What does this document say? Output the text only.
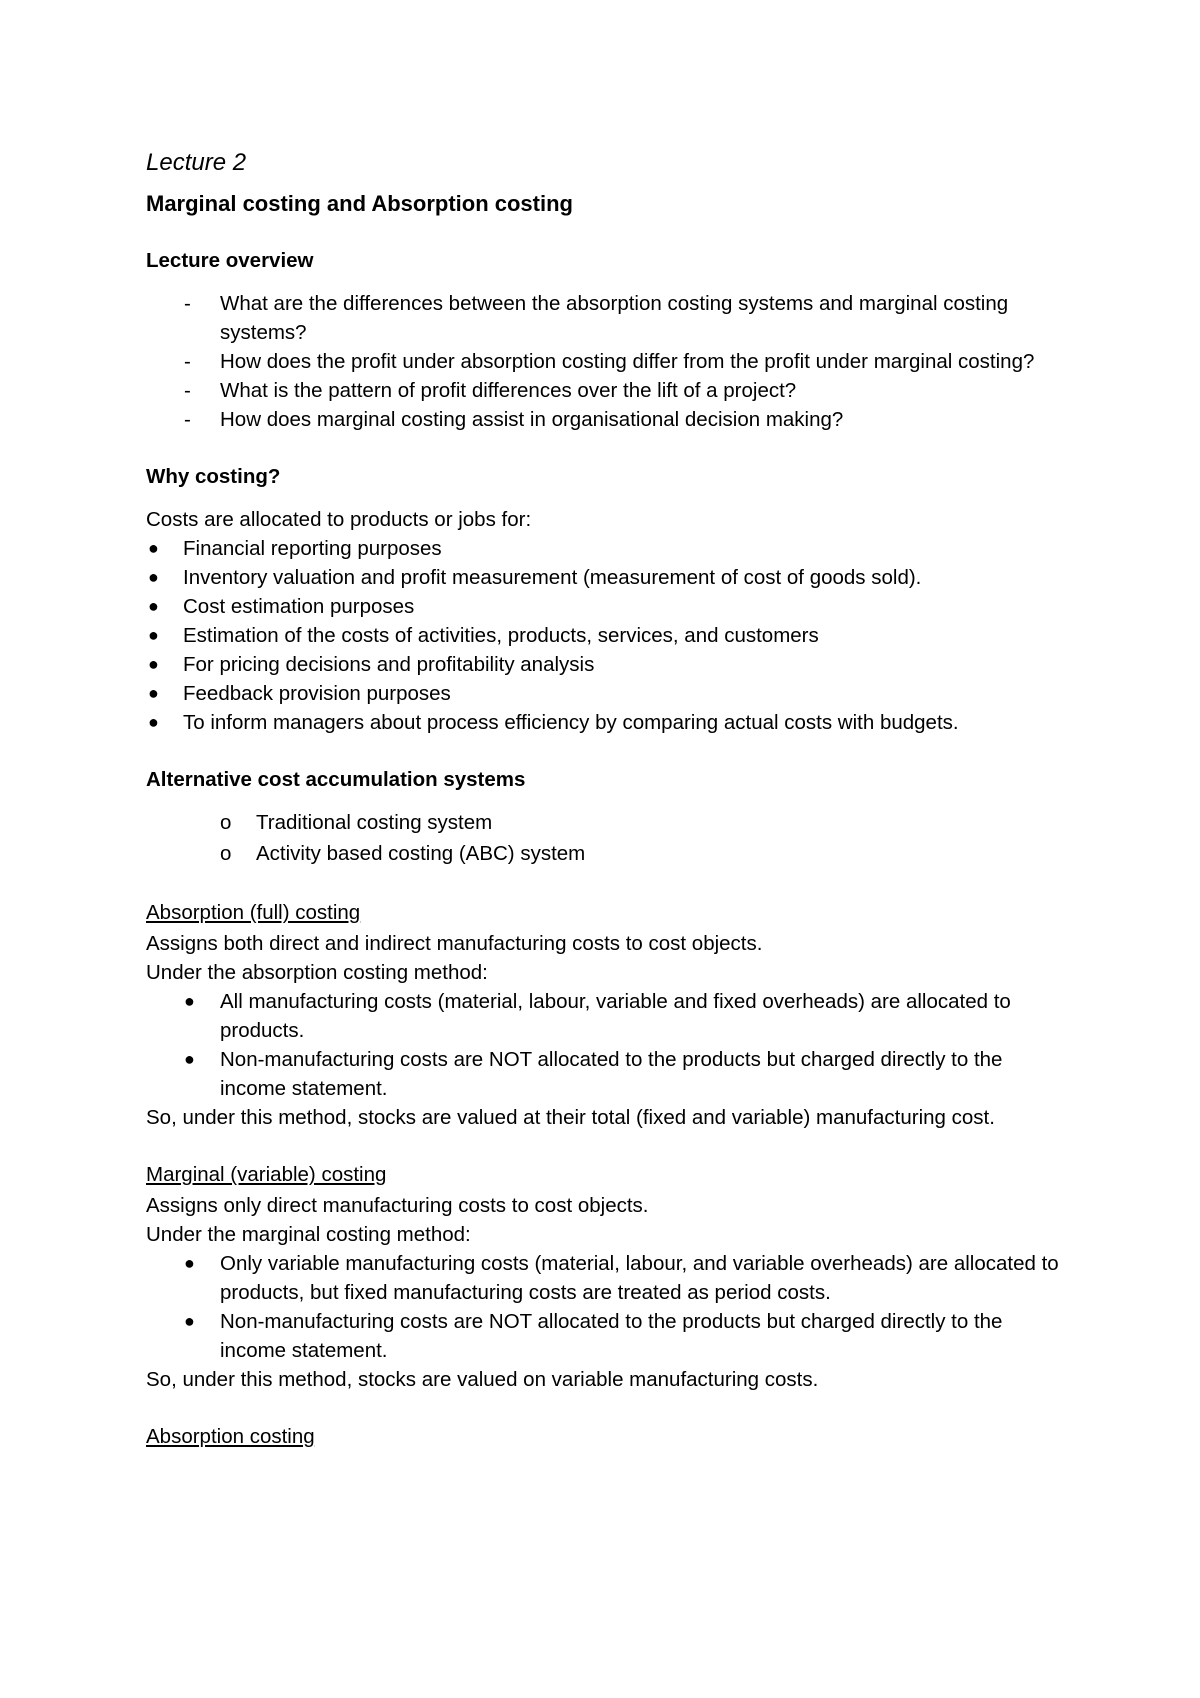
Lecture 2
Marginal costing and Absorption costing
Lecture overview
- What are the differences between the absorption costing systems and marginal costing systems?
- How does the profit under absorption costing differ from the profit under marginal costing?
- What is the pattern of profit differences over the lift of a project?
- How does marginal costing assist in organisational decision making?
Why costing?

Costs are allocated to products or jobs for:

● Financial reporting purposes
● Inventory valuation and profit measurement (measurement of cost of goods sold).
● Cost estimation purposes
● Estimation of the costs of activities, products, services, and customers
● For pricing decisions and profitability analysis
● Feedback provision purposes
● To inform managers about process efficiency by comparing actual costs with budgets.
Alternative cost accumulation systems
o Traditional costing system
o Activity based costing (ABC) system
Absorption (full) costing

Assigns both direct and indirect manufacturing costs to cost objects.

Under the absorption costing method:

● All manufacturing costs (material, labour, variable and fixed overheads) are allocated to products.
● Non-manufacturing costs are NOT allocated to the products but charged directly to the income statement.

So, under this method, stocks are valued at their total (fixed and variable) manufacturing cost.

Marginal (variable) costing

Assigns only direct manufacturing costs to cost objects.

Under the marginal costing method:

● Only variable manufacturing costs (material, labour, and variable overheads) are allocated to products, but fixed manufacturing costs are treated as period costs.
● Non-manufacturing costs are NOT allocated to the products but charged directly to the income statement.

So, under this method, stocks are valued on variable manufacturing costs.

Absorption costing
